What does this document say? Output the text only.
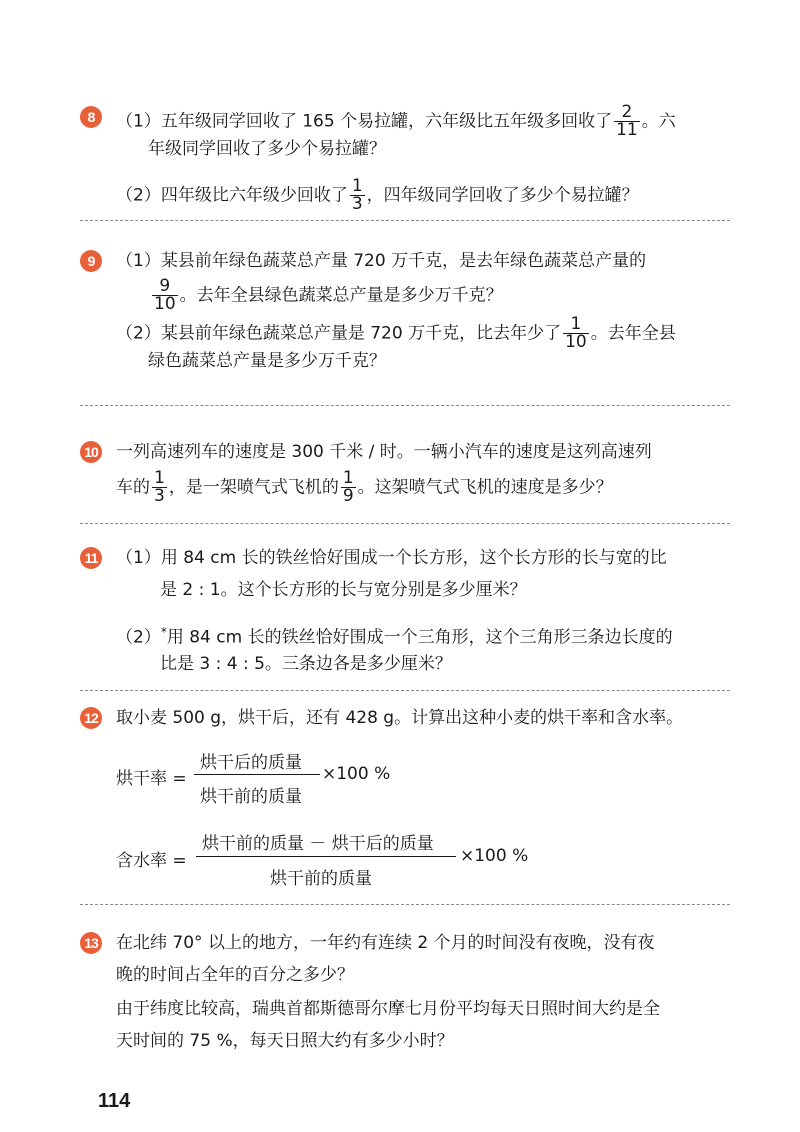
8	（1）五年级同学回收了 165 个易拉罐，六年级比五年级多回收了 $\frac{2}{11}$ 。六
年级同学回收了多少个易拉罐？
（2）四年级比六年级少回收了 $\frac{1}{3}$ ，四年级同学回收了多少个易拉罐？
9	（1）某县前年绿色蔬菜总产量 720 万千克，是去年绿色蔬菜总产量的
$\frac{9}{10}$ 。去年全县绿色蔬菜总产量是多少万千克？
（2）某县前年绿色蔬菜总产量是 720 万千克，比去年少了 $\frac{1}{10}$ 。去年全县
绿色蔬菜总产量是多少万千克？
10 一列高速列车的速度是 300 千米 / 时。一辆小汽车的速度是这列高速列
车的 $\frac{1}{3}$ ，是一架喷气式飞机的 $\frac{1}{9}$ 。这架喷气式飞机的速度是多少？
11 （1）用 84 cm 长的铁丝恰好围成一个长方形，这个长方形的长与宽的比
是 2 : 1。这个长方形的长与宽分别是多少厘米？
（2）*用 84 cm 长的铁丝恰好围成一个三角形，这个三角形三条边长度的
比是 3 : 4 : 5。三条边各是多少厘米？
12 取小麦 500 g，烘干后，还有 428 g。计算出这种小麦的烘干率和含水率。
烘干率 =
烘干后的质量
烘干前的质量
×100 %
含水率 =
烘干前的质量 － 烘干后的质量
烘干前的质量
×100 %
13 在北纬 70° 以上的地方，一年约有连续 2 个月的时间没有夜晚，没有夜
晚的时间占全年的百分之多少？
由于纬度比较高，瑞典首都斯德哥尔摩七月份平均每天日照时间大约是全
天时间的 75 %，每天日照大约有多少小时？
114
